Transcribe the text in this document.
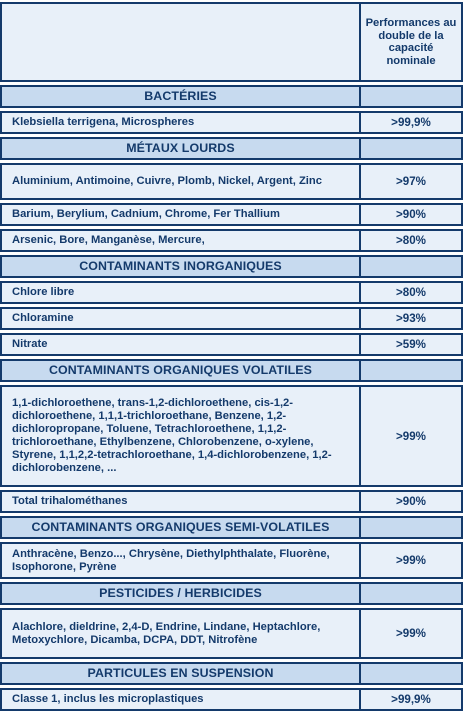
	Performances au double de la capacité nominale
BACTÉRIES	
Klebsiella terrigena, Microspheres	>99,9%
MÉTAUX LOURDS	
Aluminium, Antimoine, Cuivre, Plomb, Nickel, Argent, Zinc	>97%
Barium, Berylium, Cadnium, Chrome, Fer Thallium	>90%
Arsenic, Bore, Manganèse, Mercure,	>80%
CONTAMINANTS INORGANIQUES	
Chlore libre	>80%
Chloramine	>93%
Nitrate	>59%
CONTAMINANTS ORGANIQUES VOLATILES	
1,1-dichloroethene, trans-1,2-dichloroethene, cis-1,2-dichloroethene, 1,1,1-trichloroethane, Benzene, 1,2-dichloropropane, Toluene, Tetrachloroethene, 1,1,2-trichloroethane, Ethylbenzene, Chlorobenzene, o-xylene, Styrene, 1,1,2,2-tetrachloroethane, 1,4-dichlorobenzene, 1,2-dichlorobenzene, ...	>99%
Total trihalométhanes	>90%
CONTAMINANTS ORGANIQUES SEMI-VOLATILES	
Anthracène, Benzo..., Chrysène, Diethylphthalate, Fluorène, Isophorone, Pyrène	>99%
PESTICIDES / HERBICIDES	
Alachlore, dieldrine, 2,4-D, Endrine, Lindane, Heptachlore, Metoxychlore, Dicamba, DCPA, DDT, Nitrofène	>99%
PARTICULES EN SUSPENSION	
Classe 1, inclus les microplastiques	>99,9%
